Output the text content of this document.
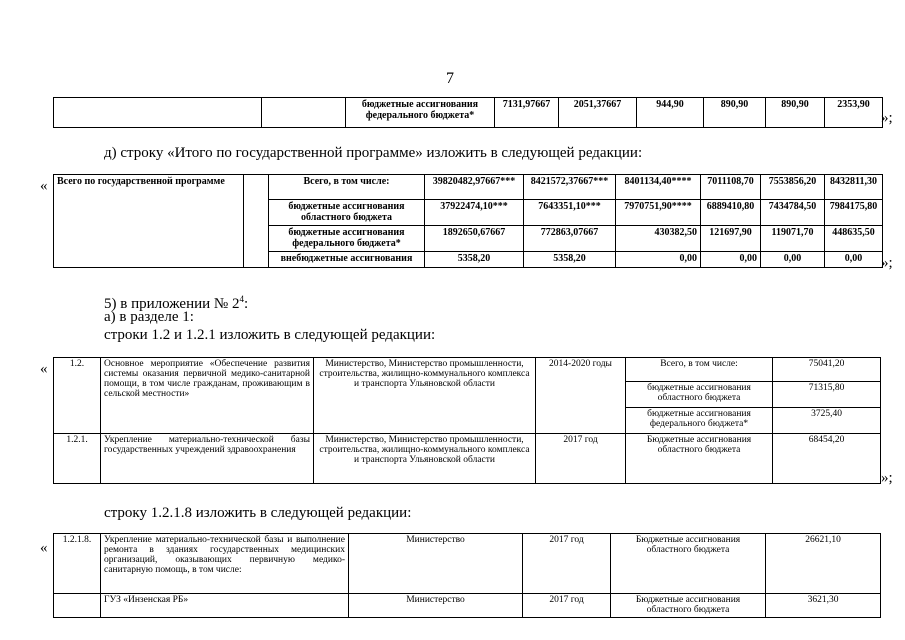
7
		бюджетные ассигнования федерального бюджета*	7131,97667	2051,37667	944,90	890,90	890,90	2353,90
»;
д) строку «Итого по государственной программе» изложить в следующей редакции:
« Всего по государственной программе		Всего, в том числе:	39820482,97667***	8421572,37667***	8401134,40****	7011108,70	7553856,20	8432811,30
		бюджетные ассигнования областного бюджета	37922474,10***	7643351,10***	7970751,90****	6889410,80	7434784,50	7984175,80
		бюджетные ассигнования федерального бюджета*	1892650,67667	772863,07667	430382,50	121697,90	119071,70	448635,50
		внебюджетные ассигнования	5358,20	5358,20	0,00	0,00	0,00	0,00 »;
5) в приложении № $2^4$:
а) в разделе 1:
строки 1.2 и 1.2.1 изложить в следующей редакции:
« 1.2.	Основное мероприятие «Обеспечение развития системы оказания первичной медико-санитарной помощи, в том числе гражданам, проживающим в сельской местности»	Министерство, Министерство промышленности, строительства, жилищно-коммунального комплекса и транспорта Ульяновской области	2014-2020 годы	Всего, в том числе:	75041,20
				бюджетные ассигнования областного бюджета	71315,80
				бюджетные ассигнования федерального бюджета*	3725,40
1.2.1.	Укрепление материально-технической базы государственных учреждений здравоохранения	Министерство, Министерство промышленности, строительства, жилищно-коммунального комплекса и транспорта Ульяновской области	2017 год	Бюджетные ассигнования областного бюджета	68454,20
»;
строку 1.2.1.8 изложить в следующей редакции:
« 1.2.1.8.	Укрепление материально-технической базы и выполнение ремонта в зданиях государственных медицинских организаций, оказывающих первичную медико-санитарную помощь, в том числе:	Министерство	2017 год	Бюджетные ассигнования областного бюджета	26621,10
	ГУЗ «Инзенская РБ»	Министерство	2017 год	Бюджетные ассигнования областного бюджета	3621,30
